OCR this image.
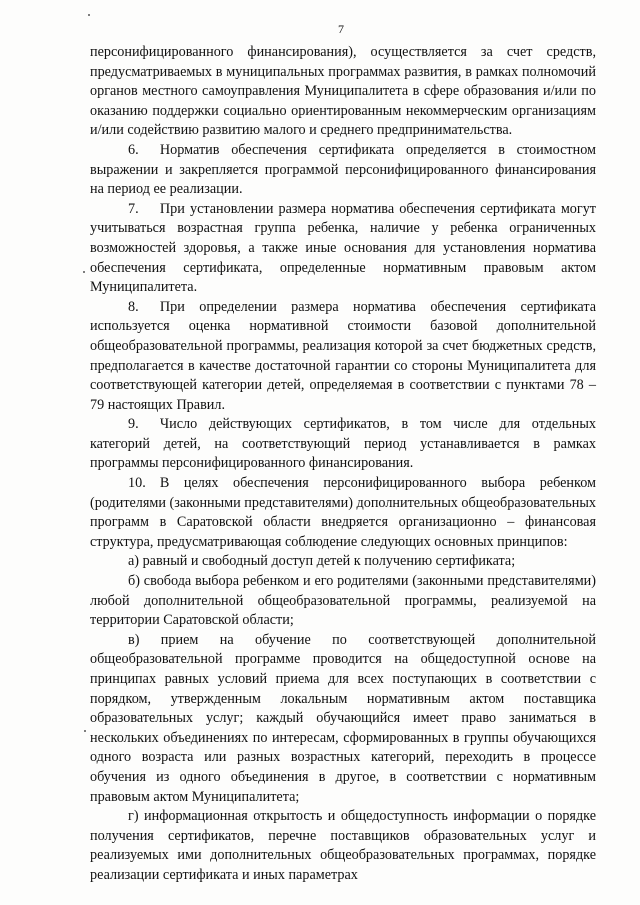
7

персонифицированного финансирования), осуществляется за счет средств, предусматриваемых в муниципальных программах развития, в рамках полномочий органов местного самоуправления Муниципалитета в сфере образования и/или по оказанию поддержки социально ориентированным некоммерческим организациям и/или содействию развитию малого и среднего предпринимательства.

6.  Норматив обеспечения сертификата определяется в стоимостном выражении и закрепляется программой персонифицированного финансирования на период ее реализации.

7.  При установлении размера норматива обеспечения сертификата могут учитываться возрастная группа ребенка, наличие у ребенка ограниченных возможностей здоровья, а также иные основания для установления норматива обеспечения сертификата, определенные нормативным правовым актом Муниципалитета.

8.  При определении размера норматива обеспечения сертификата используется оценка нормативной стоимости базовой дополнительной общеобразовательной программы, реализация которой за счет бюджетных средств, предполагается в качестве достаточной гарантии со стороны Муниципалитета для соответствующей категории детей, определяемая в соответствии с пунктами 78 – 79 настоящих Правил.

9.  Число действующих сертификатов, в том числе для отдельных категорий детей, на соответствующий период устанавливается в рамках программы персонифицированного финансирования.

10. В целях обеспечения персонифицированного выбора ребенком (родителями (законными представителями) дополнительных общеобразовательных программ в Саратовской области внедряется организационно – финансовая структура, предусматривающая соблюдение следующих основных принципов:

а) равный и свободный доступ детей к получению сертификата;

б) свобода выбора ребенком и его родителями (законными представителями) любой дополнительной общеобразовательной программы, реализуемой на территории Саратовской области;

в) прием на обучение по соответствующей дополнительной общеобразовательной программе проводится на общедоступной основе на принципах равных условий приема для всех поступающих в соответствии с порядком, утвержденным локальным нормативным актом поставщика образовательных услуг; каждый обучающийся имеет право заниматься в нескольких объединениях по интересам, сформированных в группы обучающихся одного возраста или разных возрастных категорий, переходить в процессе обучения из одного объединения в другое, в соответствии с нормативным правовым актом Муниципалитета;

г) информационная открытость и общедоступность информации о порядке получения сертификатов, перечне поставщиков образовательных услуг и реализуемых ими дополнительных общеобразовательных программах, порядке реализации сертификата и иных параметрах
